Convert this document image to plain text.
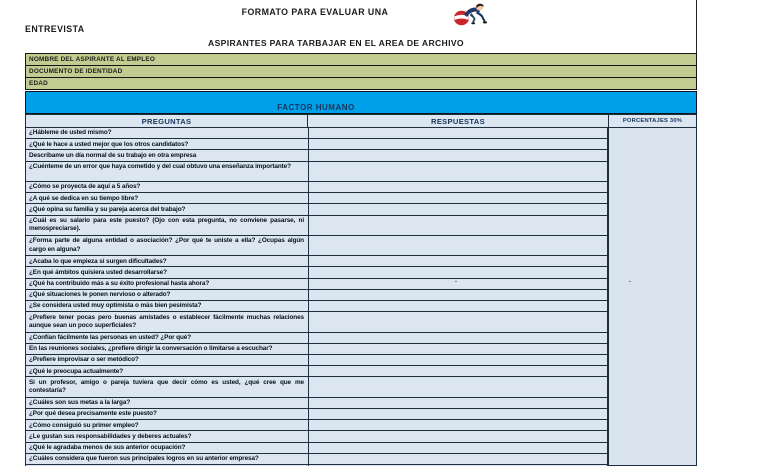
FORMATO PARA EVALUAR UNA
ENTREVISTA
ASPIRANTES PARA TARBAJAR EN EL AREA DE ARCHIVO
NOMBRE DEL ASPIRANTE AL EMPLEO
DOCUMENTO DE IDENTIDAD
EDAD
FACTOR HUMANO
PREGUNTAS	RESPUESTAS	PORCENTAJES 30%
¿Hábleme de usted mismo?
¿Qué le hace a usted mejor que los otros candidatos?
Descríbame un día normal de su trabajo en otra empresa
¿Cuénteme de un error que haya cometido y del cual obtuvo una enseñanza importante?
¿Cómo se proyecta de aquí a 5 años?
¿A qué se dedica en su tiempo libre?
¿Qué opina su familia y su pareja acerca del trabajo?
¿Cuál es su salario para este puesto? (Ojo con esta pregunta, no conviene pasarse, ni menospreciarse).
¿Forma parte de alguna entidad o asociación? ¿Por qué te uniste a ella? ¿Ocupas algún cargo en alguna?
¿Acaba lo que empieza si surgen dificultades?
¿En qué ámbitos quisiera usted desarrollarse?
¿Qué ha contribuido más a su éxito profesional hasta ahora?
¿Qué situaciones le ponen nervioso o alterado?
¿Se considera usted muy optimista o más bien pesimista?
¿Prefiere tener pocas pero buenas amistades o establecer fácilmente muchas relaciones aunque sean un poco superficiales?
¿Confían fácilmente las personas en usted? ¿Por qué?
En las reuniones sociales, ¿prefiere dirigir la conversación o limitarse a escuchar?
¿Prefiere improvisar o ser metódico?
¿Qué le preocupa actualmente?
Si un profesor, amigo o pareja tuviera que decir cómo es usted, ¿qué cree que me contestaría?
¿Cuáles son sus metas a la larga?
¿Por qué desea precisamente este puesto?
¿Cómo consiguió su primer empleo?
¿Le gustan sus responsabilidades y deberes actuales?
¿Qué le agradaba menos de sus anterior ocupación?
¿Cuáles considera que fueron sus principales logros en su anterior empresa?
.	.
